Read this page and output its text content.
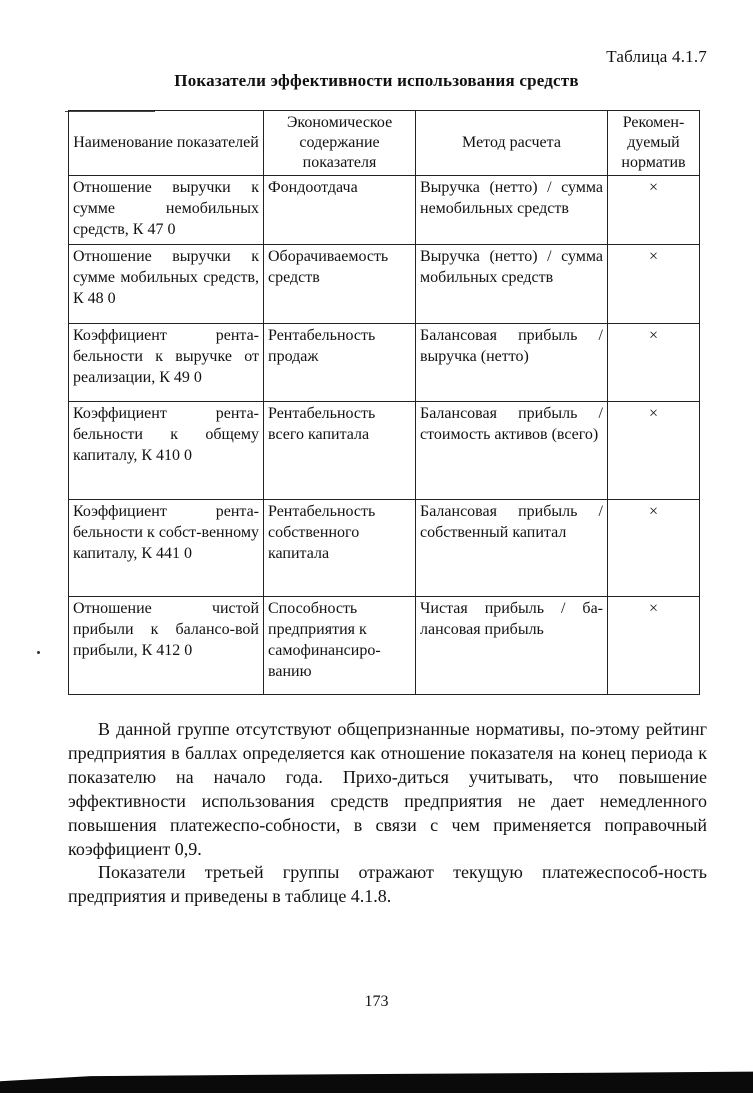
Таблица 4.1.7
Показатели эффективности использования средств
Наименование показателей	Экономическое содержание показателя	Метод расчета	Рекомен-дуемый норматив
Отношение выручки к сумме немобильных средств, К 47 0	Фондоотдача	Выручка (нетто) / сумма немобильных средств	×
Отношение выручки к сумме мобильных средств, К 48 0	Оборачиваемость средств	Выручка (нетто) / сумма мобильных средств	×
Коэффициент рента-бельности к выручке от реализации, К 49 0	Рентабельность продаж	Балансовая прибыль / выручка (нетто)	×
Коэффициент рента-бельности к общему капиталу, К 410 0	Рентабельность всего капитала	Балансовая прибыль / стоимость активов (всего)	×
Коэффициент рента-бельности к собст-венному капиталу, К 441 0	Рентабельность собственного капитала	Балансовая прибыль / собственный капитал	×
Отношение чистой прибыли к балансо-вой прибыли, К 412 0	Способность предприятия к самофинансиро-ванию	Чистая прибыль / ба-лансовая прибыль	×

В данной группе отсутствуют общепризнанные нормативы, по-этому рейтинг предприятия в баллах определяется как отношение показателя на конец периода к показателю на начало года. Прихо-диться учитывать, что повышение эффективности использования средств предприятия не дает немедленного повышения платежеспо-собности, в связи с чем применяется поправочный коэффициент 0,9.

Показатели третьей группы отражают текущую платежеспособ-ность предприятия и приведены в таблице 4.1.8.

173
